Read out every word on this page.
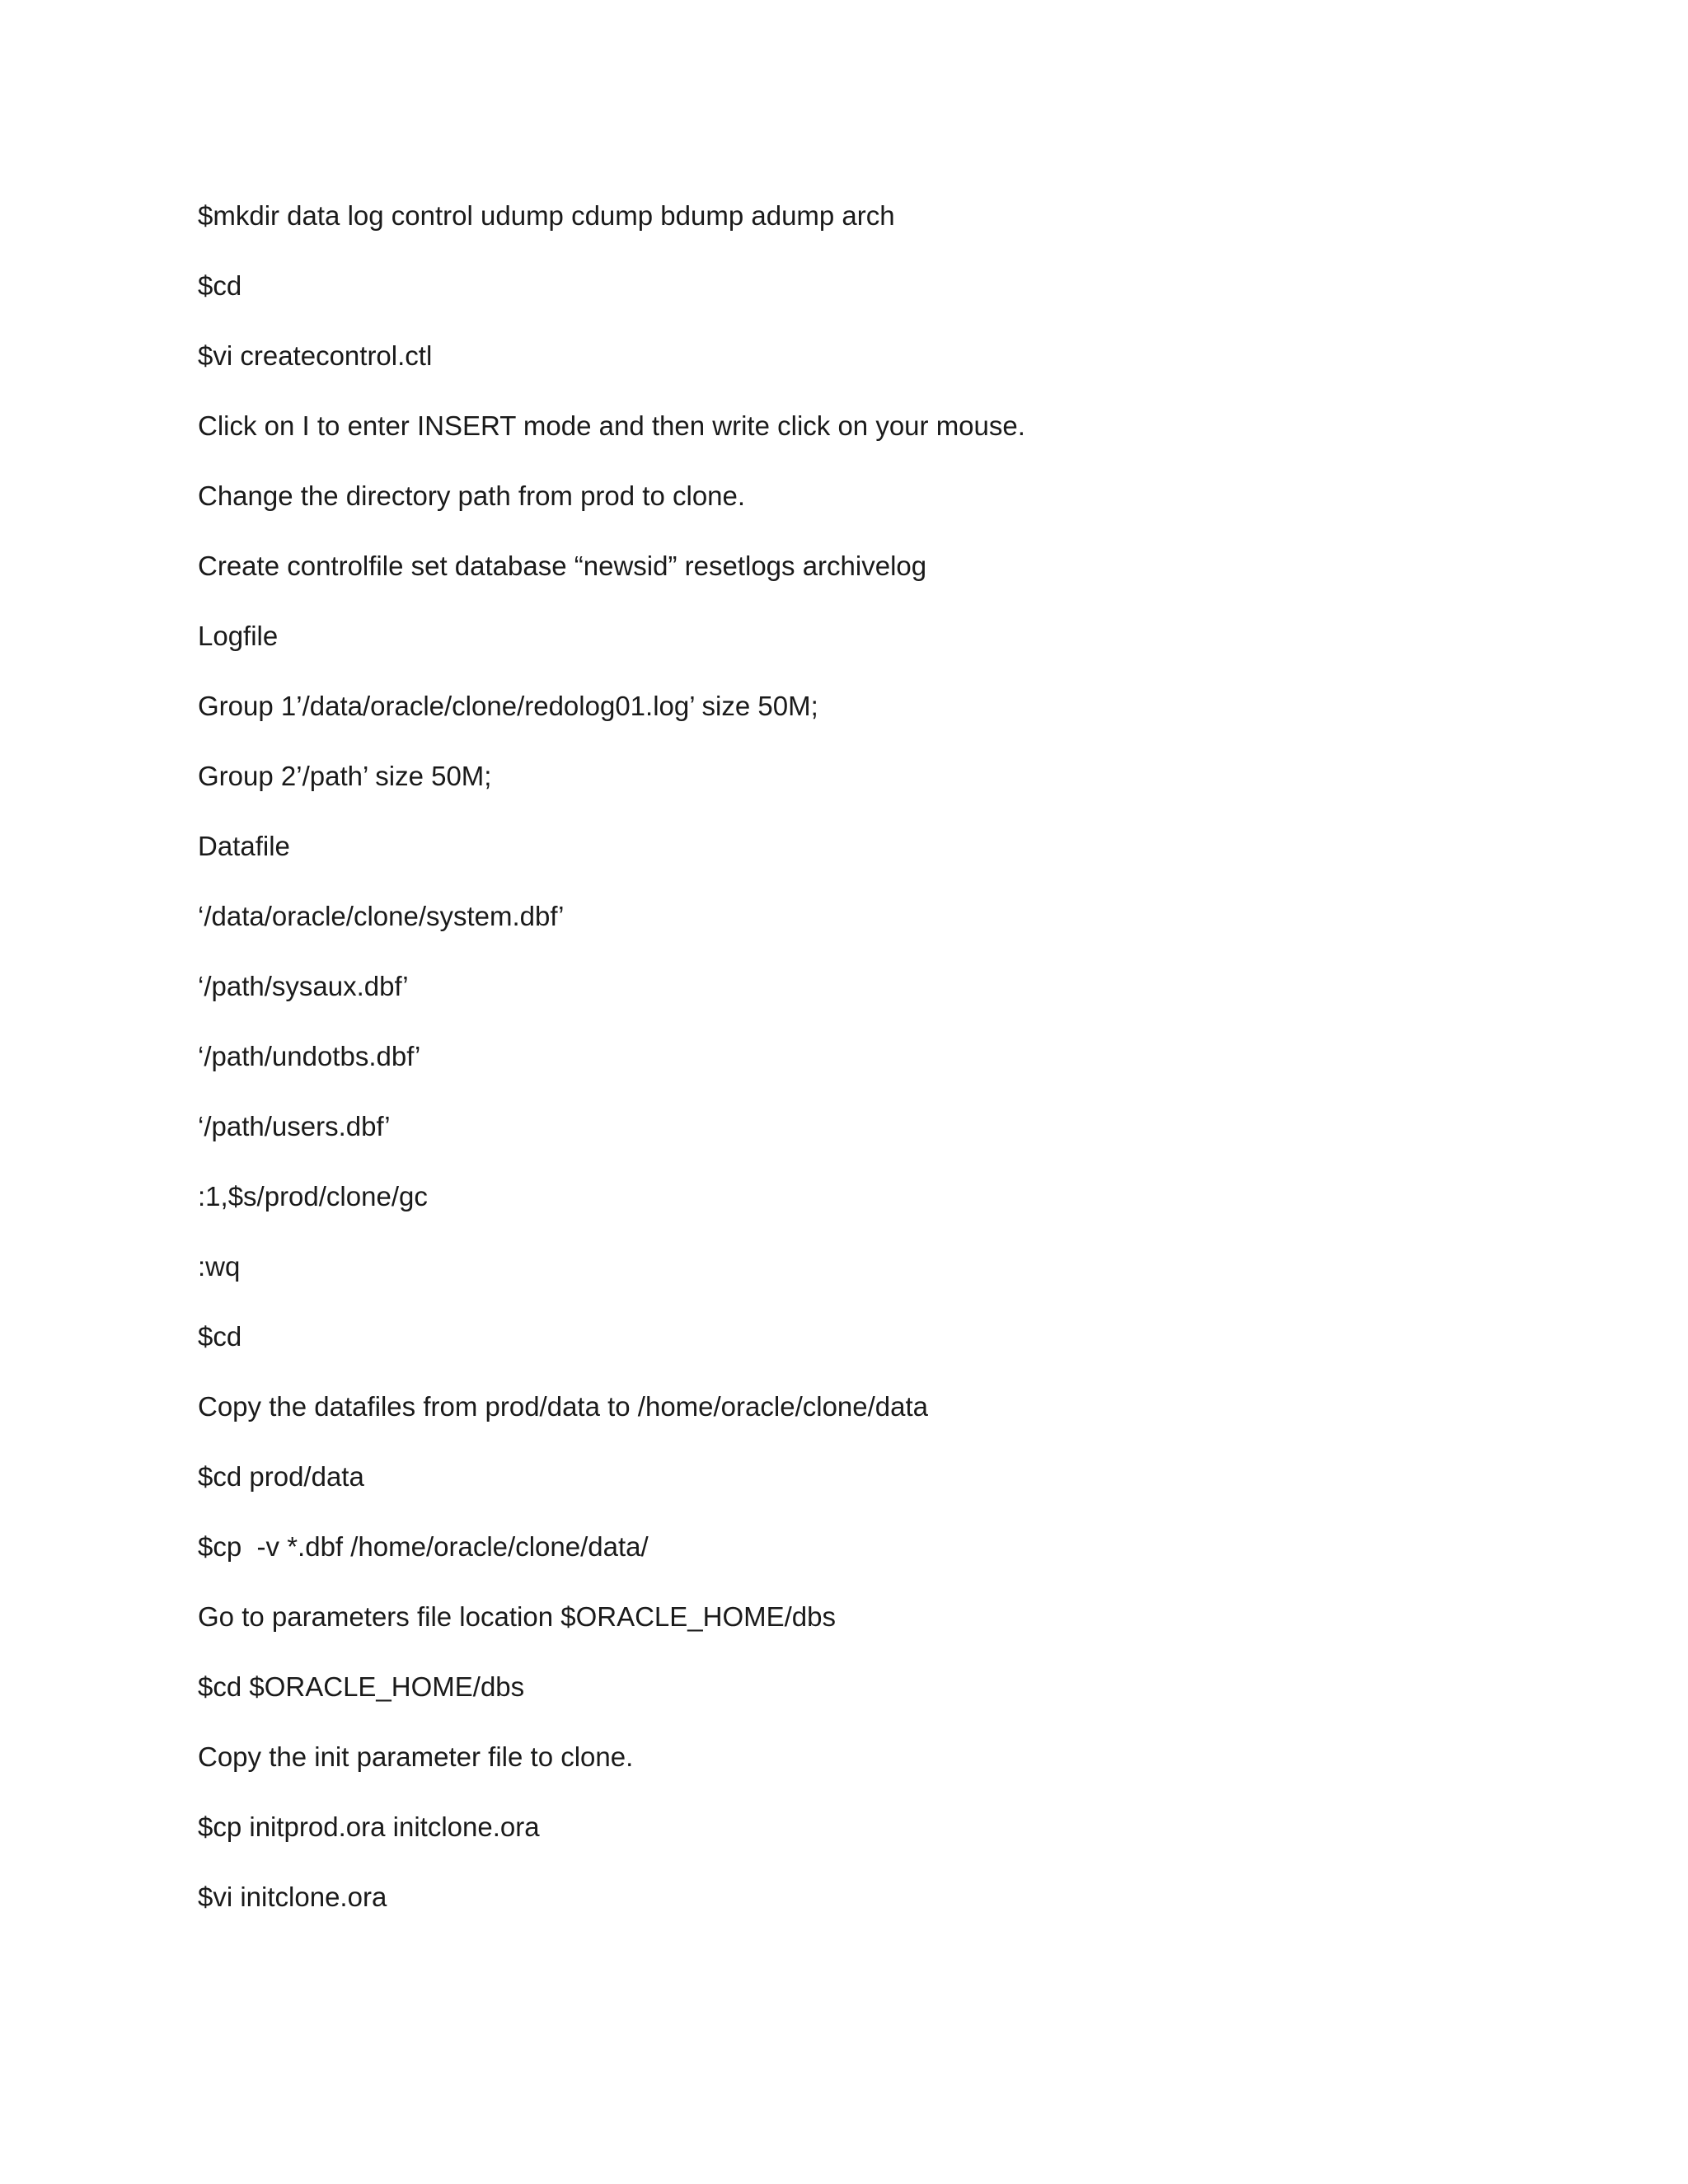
$mkdir data log control udump cdump bdump adump arch

$cd

$vi createcontrol.ctl

Click on I to enter INSERT mode and then write click on your mouse.

Change the directory path from prod to clone.

Create controlfile set database “newsid” resetlogs archivelog

Logfile

Group 1’/data/oracle/clone/redolog01.log’ size 50M;

Group 2’/path’ size 50M;

Datafile

‘/data/oracle/clone/system.dbf’

‘/path/sysaux.dbf’

‘/path/undotbs.dbf’

‘/path/users.dbf’

:1,$s/prod/clone/gc

:wq

$cd

Copy the datafiles from prod/data to /home/oracle/clone/data

$cd prod/data

$cp  -v *.dbf /home/oracle/clone/data/

Go to parameters file location $ORACLE_HOME/dbs

$cd $ORACLE_HOME/dbs

Copy the init parameter file to clone.

$cp initprod.ora initclone.ora

$vi initclone.ora
